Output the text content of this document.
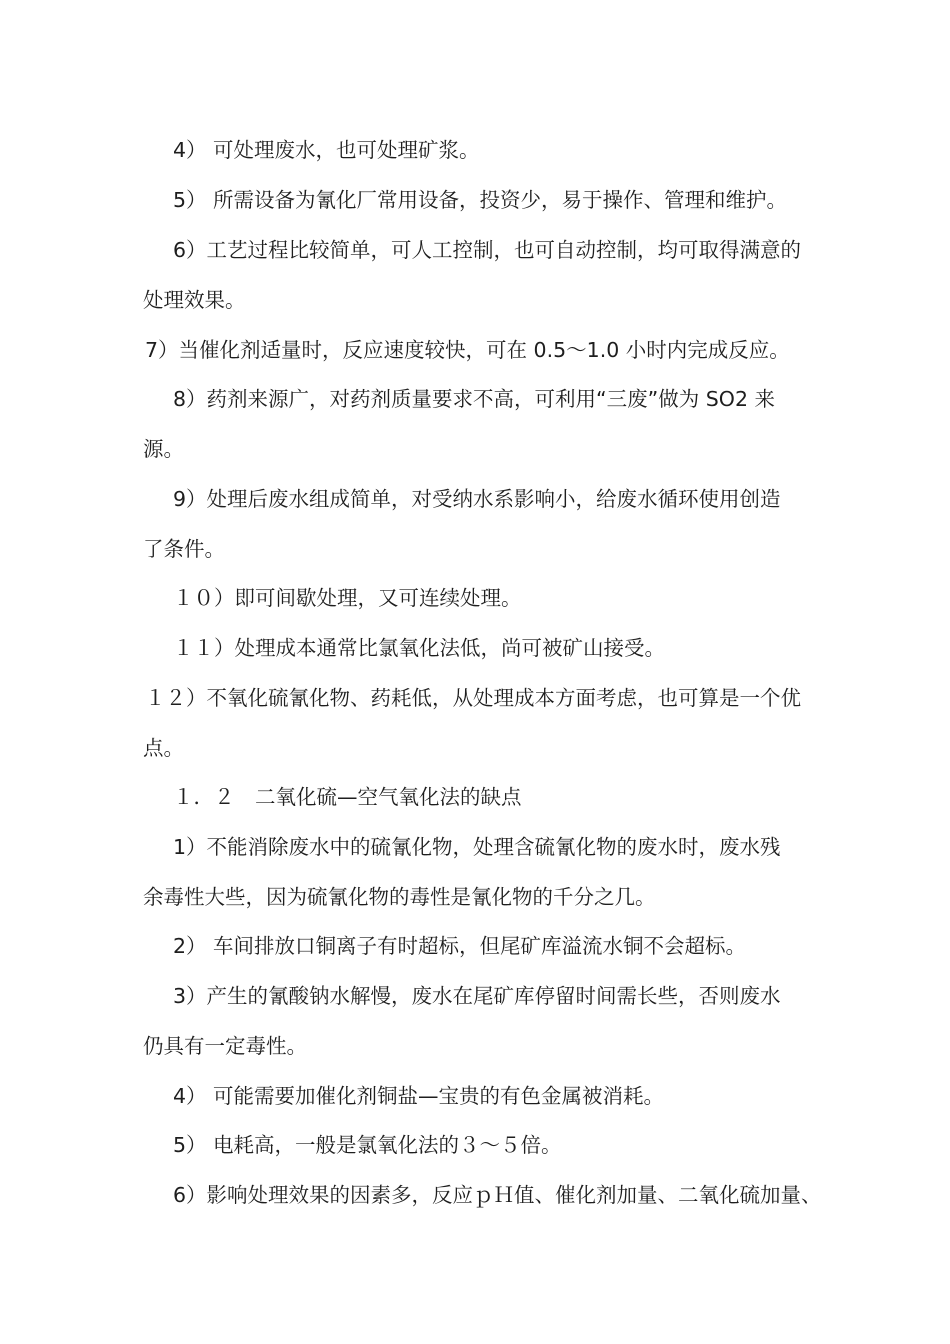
4） 可处理废水，也可处理矿浆。
5） 所需设备为氰化厂常用设备，投资少，易于操作、管理和维护。
6）工艺过程比较简单，可人工控制，也可自动控制，均可取得满意的
处理效果。
7）当催化剂适量时，反应速度较快，可在 0.5～1.0 小时内完成反应。
8）药剂来源广，对药剂质量要求不高，可利用“三废”做为 SO2 来
源。
9）处理后废水组成简单，对受纳水系影响小，给废水循环使用创造
了条件。
１０）即可间歇处理，又可连续处理。
１１）处理成本通常比氯氧化法低，尚可被矿山接受。
１２）不氧化硫氰化物、药耗低，从处理成本方面考虑，也可算是一个优
点。
１．２　二氧化硫—空气氧化法的缺点
1）不能消除废水中的硫氰化物，处理含硫氰化物的废水时，废水残
余毒性大些，因为硫氰化物的毒性是氰化物的千分之几。
2） 车间排放口铜离子有时超标，但尾矿库溢流水铜不会超标。
3）产生的氰酸钠水解慢，废水在尾矿库停留时间需长些，否则废水
仍具有一定毒性。
4） 可能需要加催化剂铜盐—宝贵的有色金属被消耗。
5） 电耗高，一般是氯氧化法的３～５倍。
6）影响处理效果的因素多，反应ｐＨ值、催化剂加量、二氧化硫加量、
